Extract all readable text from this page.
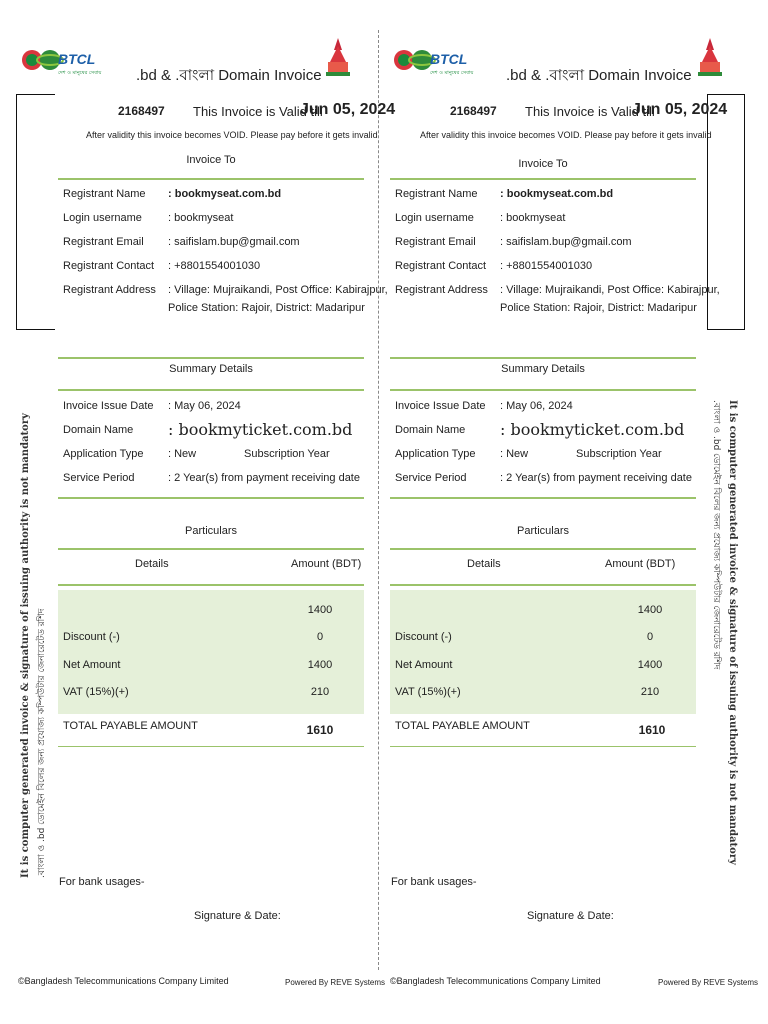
BTCL
দেশ ও মানুষের সেবায় .bd & .বাংলা Domain Invoice
2168497 This Invoice is Valid till
Jun 05, 2024
After validity this invoice becomes VOID. Please pay before it gets invalid
Invoice To
Registrant Name : bookmyseat.com.bd
Login username : bookmyseat
Registrant Email : saifislam.bup@gmail.com
Registrant Contact : +8801554001030
Registrant Address : Village: Mujraikandi, Post Office: Kabirajpur,
Police Station: Rajoir, District: Madaripur
Summary Details
Invoice Issue Date : May 06, 2024
Domain Name : bookmyticket.com.bd
Application Type : New	Subscription Year
Service Period	: 2 Year(s) from payment receiving date
Particulars
Details	Amount (BDT)
1400
Discount (-)	0
Net Amount	1400
VAT (15%)(+)	210
TOTAL PAYABLE AMOUNT	1610
For bank usages-
Signature & Date:
©Bangladesh Telecommunications Company Limited	Powered By REVE Systems
It is computer generated invoice & signature of issuing authority is not mandatory .বাংলা ও .bd ডোমেইন বিলের জন্য প্রযোজ্য কম্পিউটার জেনারেটেড রশিদ
BTCL
দেশ ও মানুষের সেবায় .bd & .বাংলা Domain Invoice
2168497 This Invoice is Valid till
Jun 05, 2024
After validity this invoice becomes VOID. Please pay before it gets invalid
Invoice To
Registrant Name : bookmyseat.com.bd
Login username : bookmyseat
Registrant Email : saifislam.bup@gmail.com
Registrant Contact : +8801554001030
Registrant Address : Village: Mujraikandi, Post Office: Kabirajpur,
Police Station: Rajoir, District: Madaripur
Summary Details
Invoice Issue Date : May 06, 2024
Domain Name : bookmyticket.com.bd
Application Type : New	Subscription Year
Service Period	: 2 Year(s) from payment receiving date
Particulars
Details	Amount (BDT)
1400
Discount (-)	0
Net Amount	1400
VAT (15%)(+)	210
TOTAL PAYABLE AMOUNT	1610
For bank usages-
Signature & Date:
©Bangladesh Telecommunications Company Limited	Powered By REVE Systems
It is computer generated invoice & signature of issuing authority is not mandatory
.বাংলা ও .bd ডোমেইন বিলের জন্য প্রযোজ্য কম্পিউটার জেনারেটেড রশিদ
